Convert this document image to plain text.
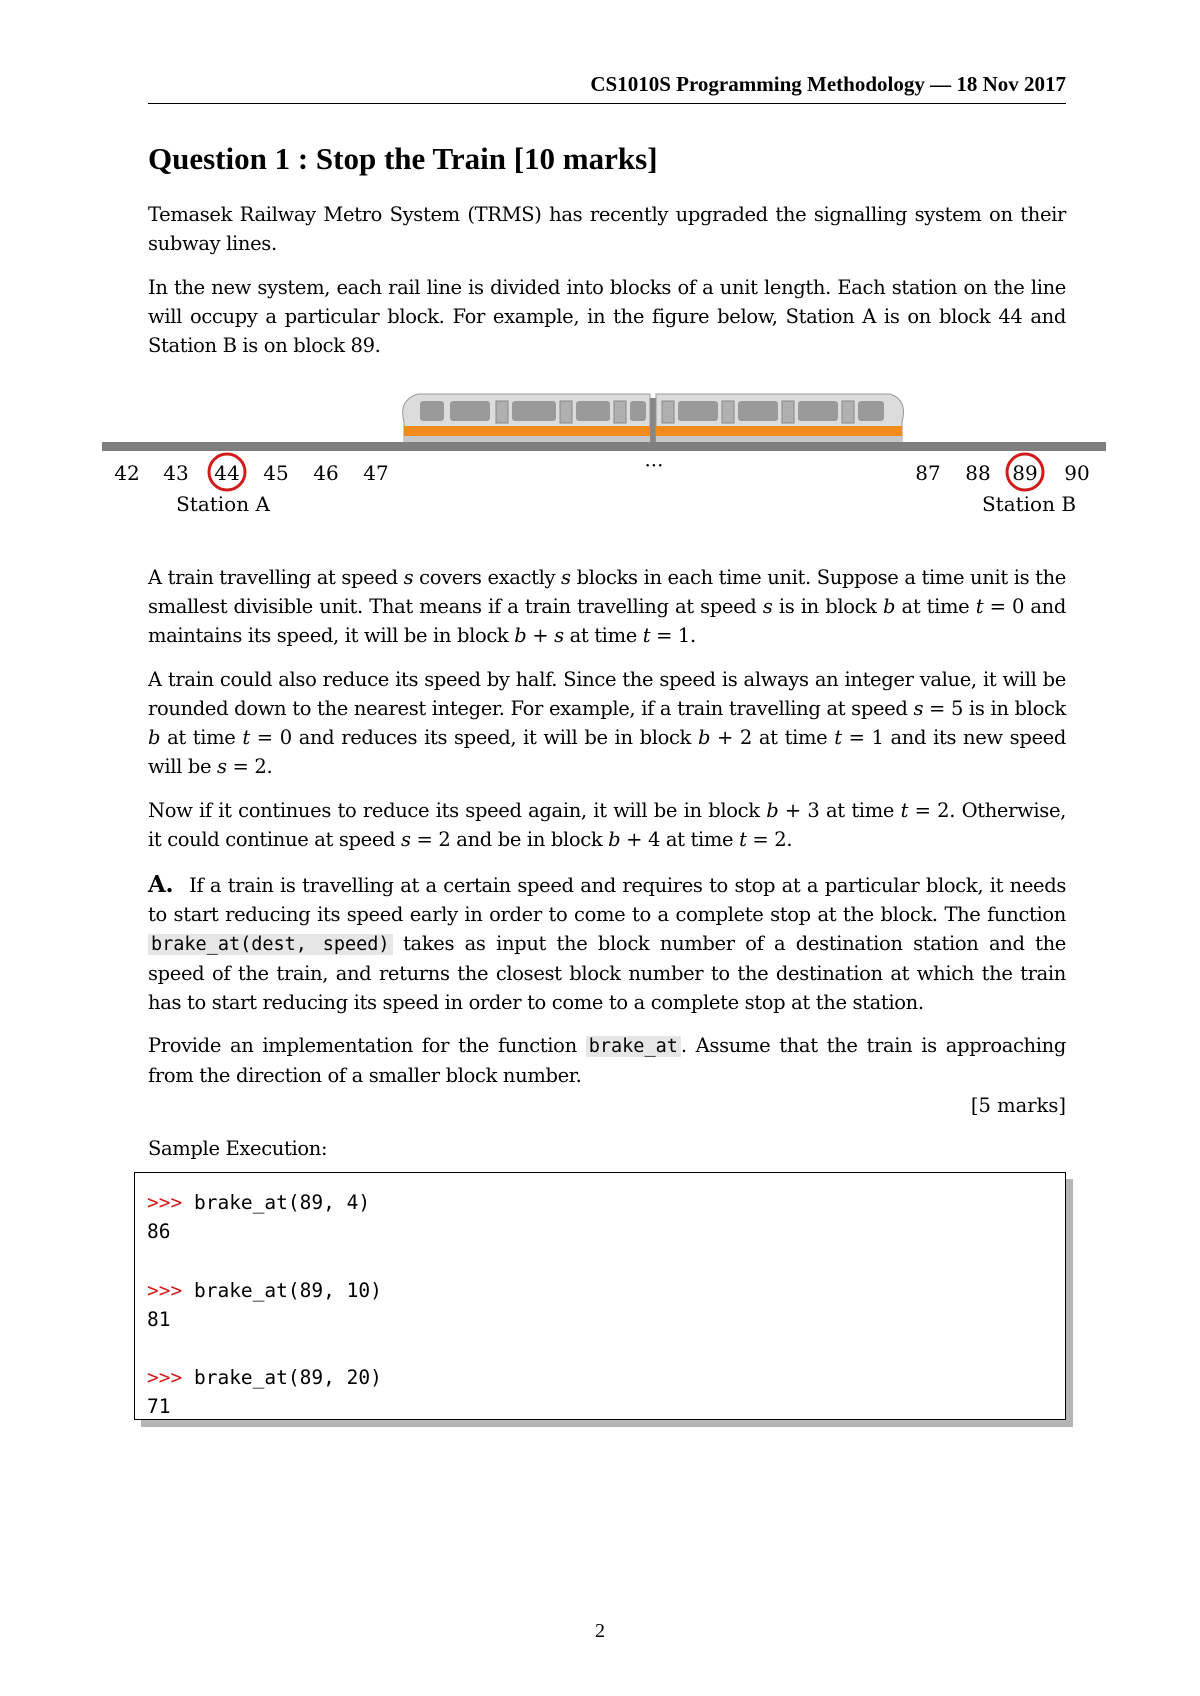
CS1010S Programming Methodology — 18 Nov 2017
Question 1 : Stop the Train [10 marks]

Temasek Railway Metro System (TRMS) has recently upgraded the signalling system on their subway lines.

In the new system, each rail line is divided into blocks of a unit length. Each station on the line will occupy a particular block. For example, in the figure below, Station A is on block 44 and Station B is on block 89.

42 43 44 45 46 47	···	87 88 89 90
Station A	Station B

A train travelling at speed s covers exactly s blocks in each time unit. Suppose a time unit is the smallest divisible unit. That means if a train travelling at speed s is in block b at time t = 0 and maintains its speed, it will be in block b + s at time t = 1.

A train could also reduce its speed by half. Since the speed is always an integer value, it will be rounded down to the nearest integer. For example, if a train travelling at speed s = 5 is in block b at time t = 0 and reduces its speed, it will be in block b + 2 at time t = 1 and its new speed will be s = 2.

Now if it continues to reduce its speed again, it will be in block b + 3 at time t = 2. Otherwise, it could continue at speed s = 2 and be in block b + 4 at time t = 2.

A. If a train is travelling at a certain speed and requires to stop at a particular block, it needs to start reducing its speed early in order to come to a complete stop at the block. The function brake_at(dest, speed) takes as input the block number of a destination station and the speed of the train, and returns the closest block number to the destination at which the train has to start reducing its speed in order to come to a complete stop at the station.

Provide an implementation for the function brake_at . Assume that the train is approaching from the direction of a smaller block number.

[5 marks]

Sample Execution:

>>> brake_at(89, 4)
86
>>> brake_at(89, 10)
81
>>> brake_at(89, 20)
71
2
